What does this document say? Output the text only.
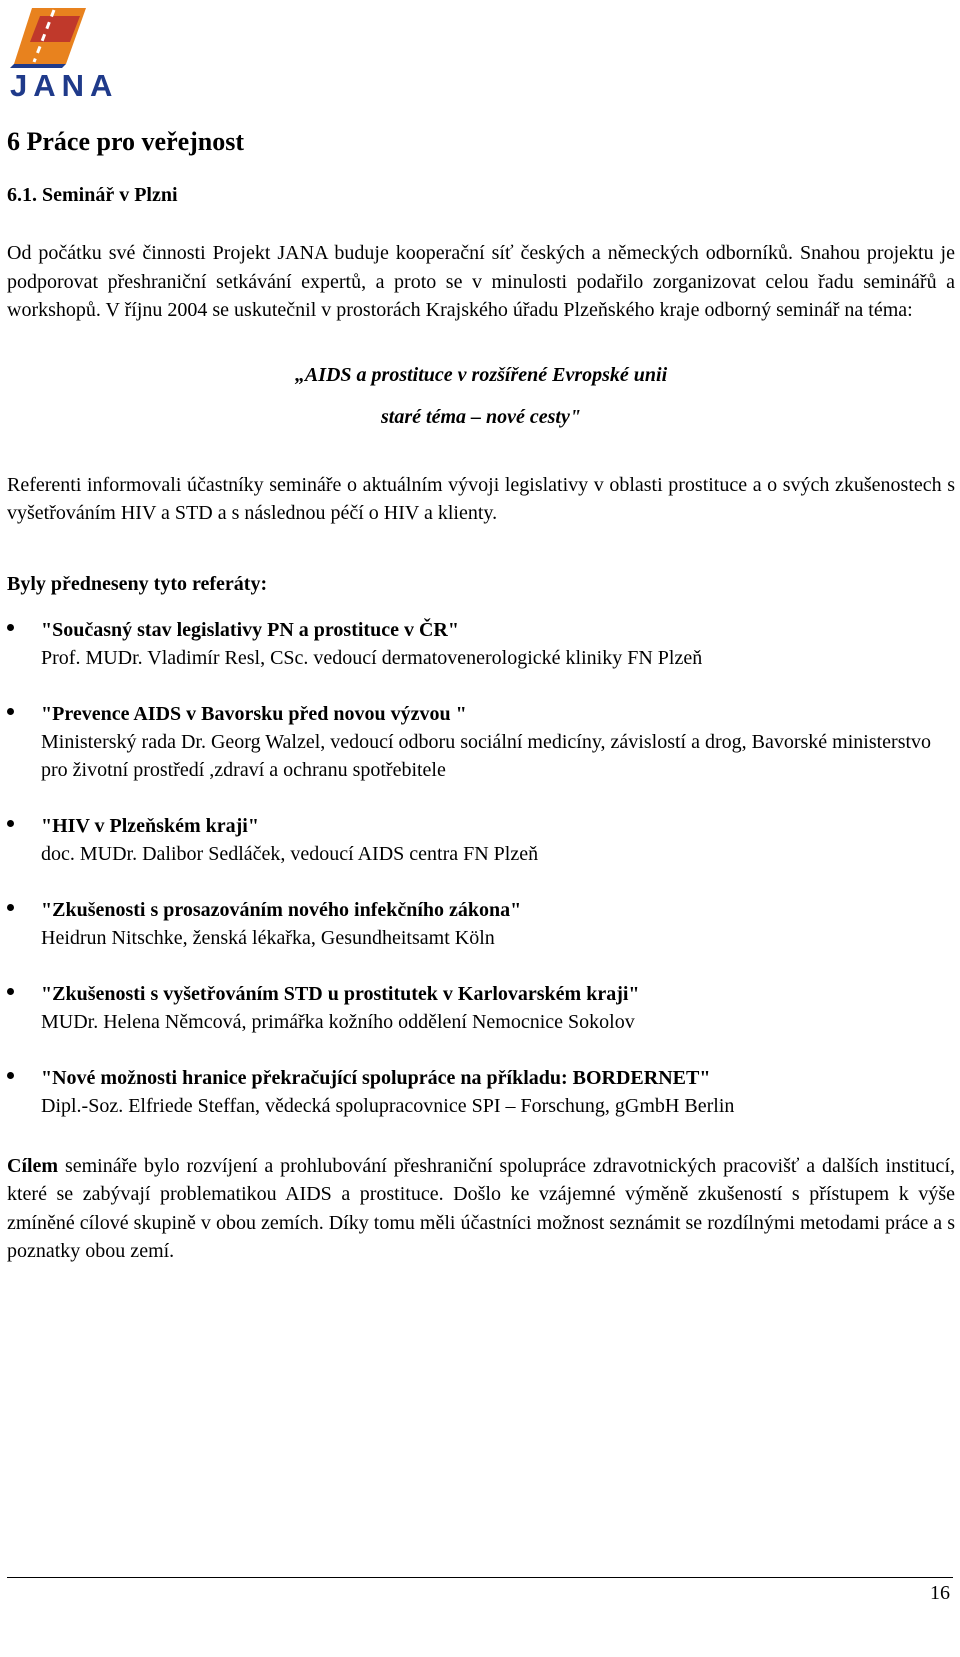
JANA
6 Práce pro veřejnost
6.1. Seminář v Plzni

Od počátku své činnosti Projekt JANA buduje kooperační síť českých a německých odborníků. Snahou projektu je podporovat přeshraniční setkávání expertů, a proto se v minulosti podařilo zorganizovat celou řadu seminářů a workshopů. V říjnu 2004 se uskutečnil v prostorách Krajského úřadu Plzeňského kraje odborný seminář na téma:

„AIDS a prostituce v rozšířené Evropské unii

staré téma – nové cesty"

Referenti informovali účastníky semináře o aktuálním vývoji legislativy v oblasti prostituce a o svých zkušenostech s vyšetřováním HIV a STD a s následnou péčí o HIV a klienty.

Byly předneseny tyto referáty:
"Současný stav legislativy PN a prostituce v ČR"
Prof. MUDr. Vladimír Resl, CSc. vedoucí dermatovenerologické kliniky FN Plzeň
"Prevence AIDS v Bavorsku před novou výzvou "
Ministerský rada Dr. Georg Walzel, vedoucí odboru sociální medicíny, závislostí a drog, Bavorské ministerstvo pro životní prostředí ,zdraví a ochranu spotřebitele
"HIV v Plzeňském kraji"
doc. MUDr. Dalibor Sedláček, vedoucí AIDS centra FN Plzeň
"Zkušenosti s prosazováním nového infekčního zákona"
Heidrun Nitschke, ženská lékařka, Gesundheitsamt Köln
"Zkušenosti s vyšetřováním STD u prostitutek v Karlovarském kraji"
MUDr. Helena Němcová, primářka kožního oddělení Nemocnice Sokolov
"Nové možnosti hranice překračující spolupráce na příkladu: BORDERNET"
Dipl.-Soz. Elfriede Steffan, vědecká spolupracovnice SPI – Forschung, gGmbH Berlin

Cílem semináře bylo rozvíjení a prohlubování přeshraniční spolupráce zdravotnických pracovišť a dalších institucí, které se zabývají problematikou AIDS a prostituce. Došlo ke vzájemné výměně zkušeností s přístupem k výše zmíněné cílové skupině v obou zemích. Díky tomu měli účastníci možnost seznámit se rozdílnými metodami práce a s poznatky obou zemí.

16
